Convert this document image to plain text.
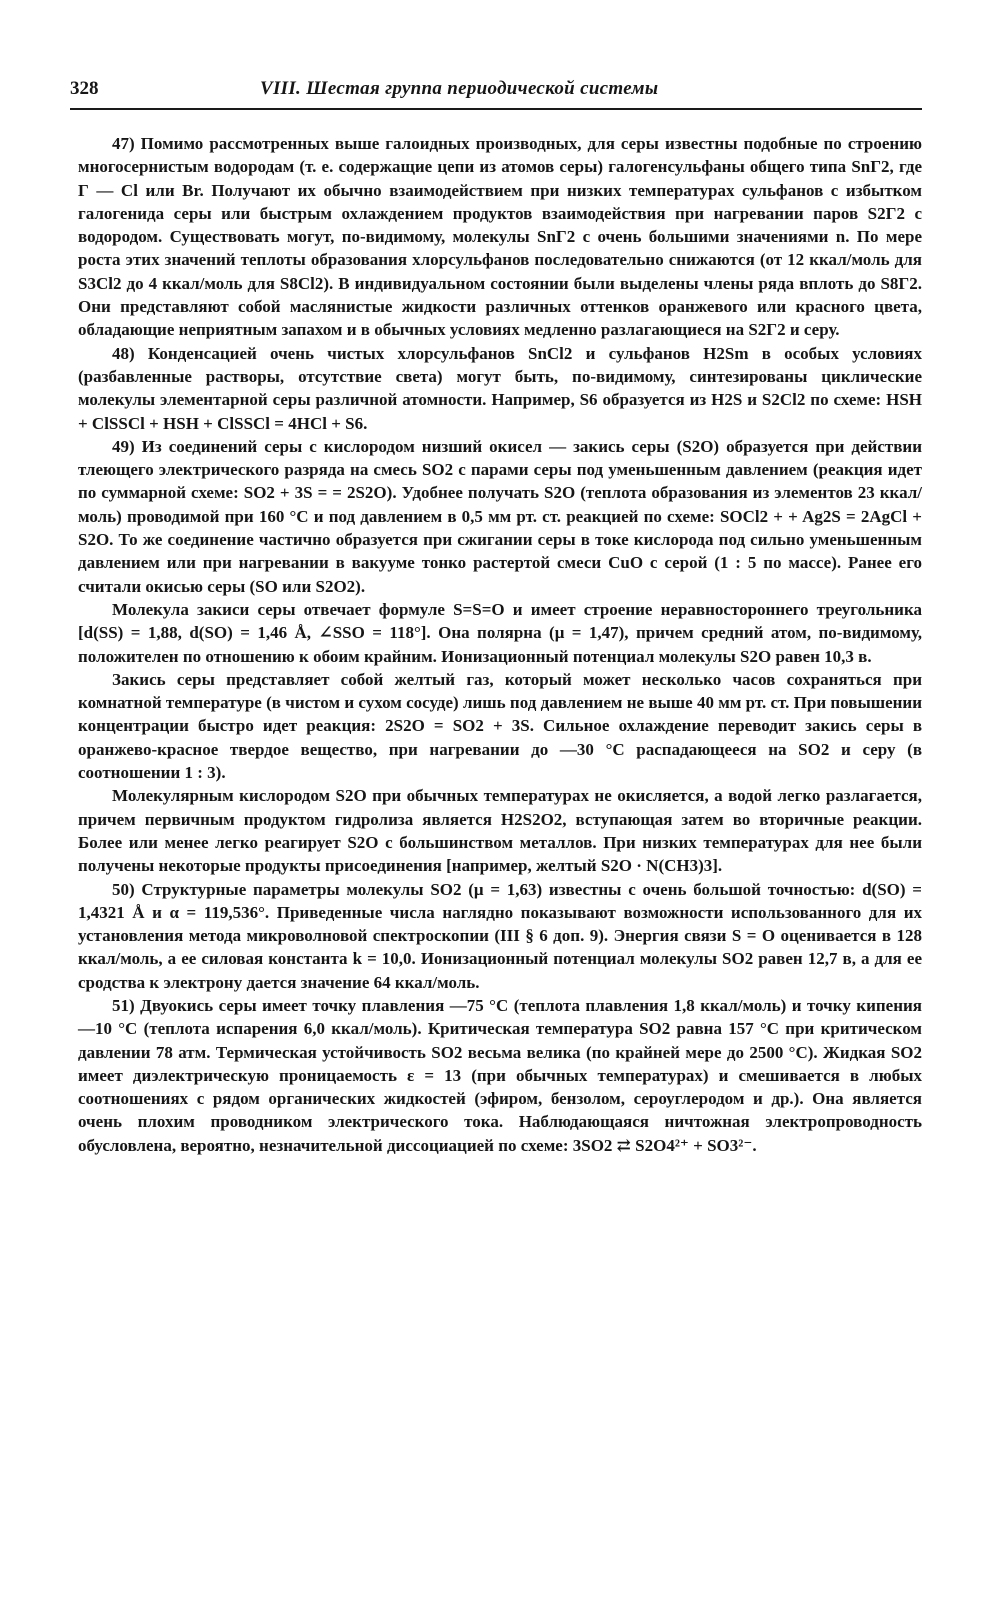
328	VIII. Шестая группа периодической системы

47) Помимо рассмотренных выше галоидных производных, для серы известны подобные по строению многосернистым водородам (т. е. содержащие цепи из атомов серы) галогенсульфаны общего типа SnГ2, где Г — Cl или Br. Получают их обычно взаимодействием при низких температурах сульфанов с избытком галогенида серы или быстрым охлаждением продуктов взаимодействия при нагревании паров S2Г2 с водородом. Существовать могут, по-видимому, молекулы SnГ2 с очень большими значениями n. По мере роста этих значений теплоты образования хлорсульфанов последовательно снижаются (от 12 ккал/моль для S3Cl2 до 4 ккал/моль для S8Cl2). В индивидуальном состоянии были выделены члены ряда вплоть до S8Г2. Они представляют собой маслянистые жидкости различных оттенков оранжевого или красного цвета, обладающие неприятным запахом и в обычных условиях медленно разлагающиеся на S2Г2 и серу.

48) Конденсацией очень чистых хлорсульфанов SnCl2 и сульфанов H2Sm в особых условиях (разбавленные растворы, отсутствие света) могут быть, по-видимому, синтезированы циклические молекулы элементарной серы различной атомности. Например, S6 образуется из H2S и S2Cl2 по схеме: HSH + ClSSCl + HSH + ClSSCl = 4HCl + S6.

49) Из соединений серы с кислородом низший окисел — закись серы (S2O) образуется при действии тлеющего электрического разряда на смесь SO2 с парами серы под уменьшенным давлением (реакция идет по суммарной схеме: SO2 + 3S = = 2S2O). Удобнее получать S2O (теплота образования из элементов 23 ккал/моль) проводимой при 160 °C и под давлением в 0,5 мм рт. ст. реакцией по схеме: SOCl2 + + Ag2S = 2AgCl + S2O. То же соединение частично образуется при сжигании серы в токе кислорода под сильно уменьшенным давлением или при нагревании в вакууме тонко растертой смеси CuO с серой (1 : 5 по массе). Ранее его считали окисью серы (SO или S2O2).

Молекула закиси серы отвечает формуле S=S=O и имеет строение неравностороннего треугольника [d(SS) = 1,88, d(SO) = 1,46 Å, ∠SSO = 118°]. Она полярна (μ = 1,47), причем средний атом, по-видимому, положителен по отношению к обоим крайним. Ионизационный потенциал молекулы S2O равен 10,3 в.

Закись серы представляет собой желтый газ, который может несколько часов сохраняться при комнатной температуре (в чистом и сухом сосуде) лишь под давлением не выше 40 мм рт. ст. При повышении концентрации быстро идет реакция: 2S2O = SO2 + 3S. Сильное охлаждение переводит закись серы в оранжево-красное твердое вещество, при нагревании до —30 °C распадающееся на SO2 и серу (в соотношении 1 : 3).

Молекулярным кислородом S2O при обычных температурах не окисляется, а водой легко разлагается, причем первичным продуктом гидролиза является H2S2O2, вступающая затем во вторичные реакции. Более или менее легко реагирует S2O с большинством металлов. При низких температурах для нее были получены некоторые продукты присоединения [например, желтый S2O · N(CH3)3].

50) Структурные параметры молекулы SO2 (μ = 1,63) известны с очень большой точностью: d(SO) = 1,4321 Å и α = 119,536°. Приведенные числа наглядно показывают возможности использованного для их установления метода микроволновой спектроскопии (III § 6 доп. 9). Энергия связи S = O оценивается в 128 ккал/моль, а ее силовая константа k = 10,0. Ионизационный потенциал молекулы SO2 равен 12,7 в, а для ее сродства к электрону дается значение 64 ккал/моль.

51) Двуокись серы имеет точку плавления —75 °C (теплота плавления 1,8 ккал/моль) и точку кипения —10 °C (теплота испарения 6,0 ккал/моль). Критическая температура SO2 равна 157 °C при критическом давлении 78 атм. Термическая устойчивость SO2 весьма велика (по крайней мере до 2500 °C). Жидкая SO2 имеет диэлектрическую проницаемость ε = 13 (при обычных температурах) и смешивается в любых соотношениях с рядом органических жидкостей (эфиром, бензолом, сероуглеродом и др.). Она является очень плохим проводником электрического тока. Наблюдающаяся ничтожная электропроводность обусловлена, вероятно, незначительной диссоциацией по схеме: 3SO2 ⇄ S2O4²⁺ + SO3²⁻.
